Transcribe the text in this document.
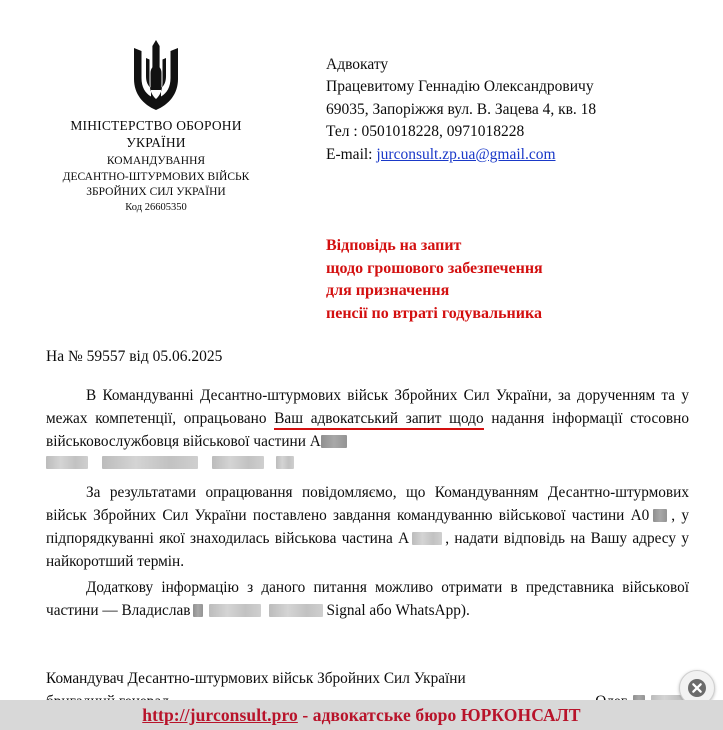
МІНІСТЕРСТВО ОБОРОНИ
УКРАЇНИ
КОМАНДУВАННЯ
ДЕСАНТНО-ШТУРМОВИХ ВІЙСЬК
ЗБРОЙНИХ СИЛ УКРАЇНИ
Код 26605350
Адвокату
Працевитому Геннадію Олександровичу
69035, Запоріжжя вул. В. Зацева 4, кв. 18
Тел : 0501018228, 0971018228
E-mail: jurconsult.zp.ua@gmail.com
Відповідь на запит
щодо грошового забезпечення
для призначення
пенсії по втраті годувальника
На № 59557 від 05.06.2025

В Командуванні Десантно-штурмових військ Збройних Сил України, за дорученням та у межах компетенції, опрацьовано Ваш адвокатський запит щодо надання інформації стосовно військовослужбовця військової частини А

За результатами опрацювання повідомляємо, що Командуванням Десантно-штурмових військ Збройних Сил України поставлено завдання командуванню військової частини А0 , у підпорядкуванні якої знаходилась військова частина А , надати відповідь на Вашу адресу у найкоротший термін.

Додаткову інформацію з даного питання можливо отримати в представника військової частини — Владислав	Signal або WhatsApp).

Командувач Десантно-штурмових військ Збройних Сил України
http://jurconsult.pro - адвокатське бюро ЮРКОНСАЛТ
